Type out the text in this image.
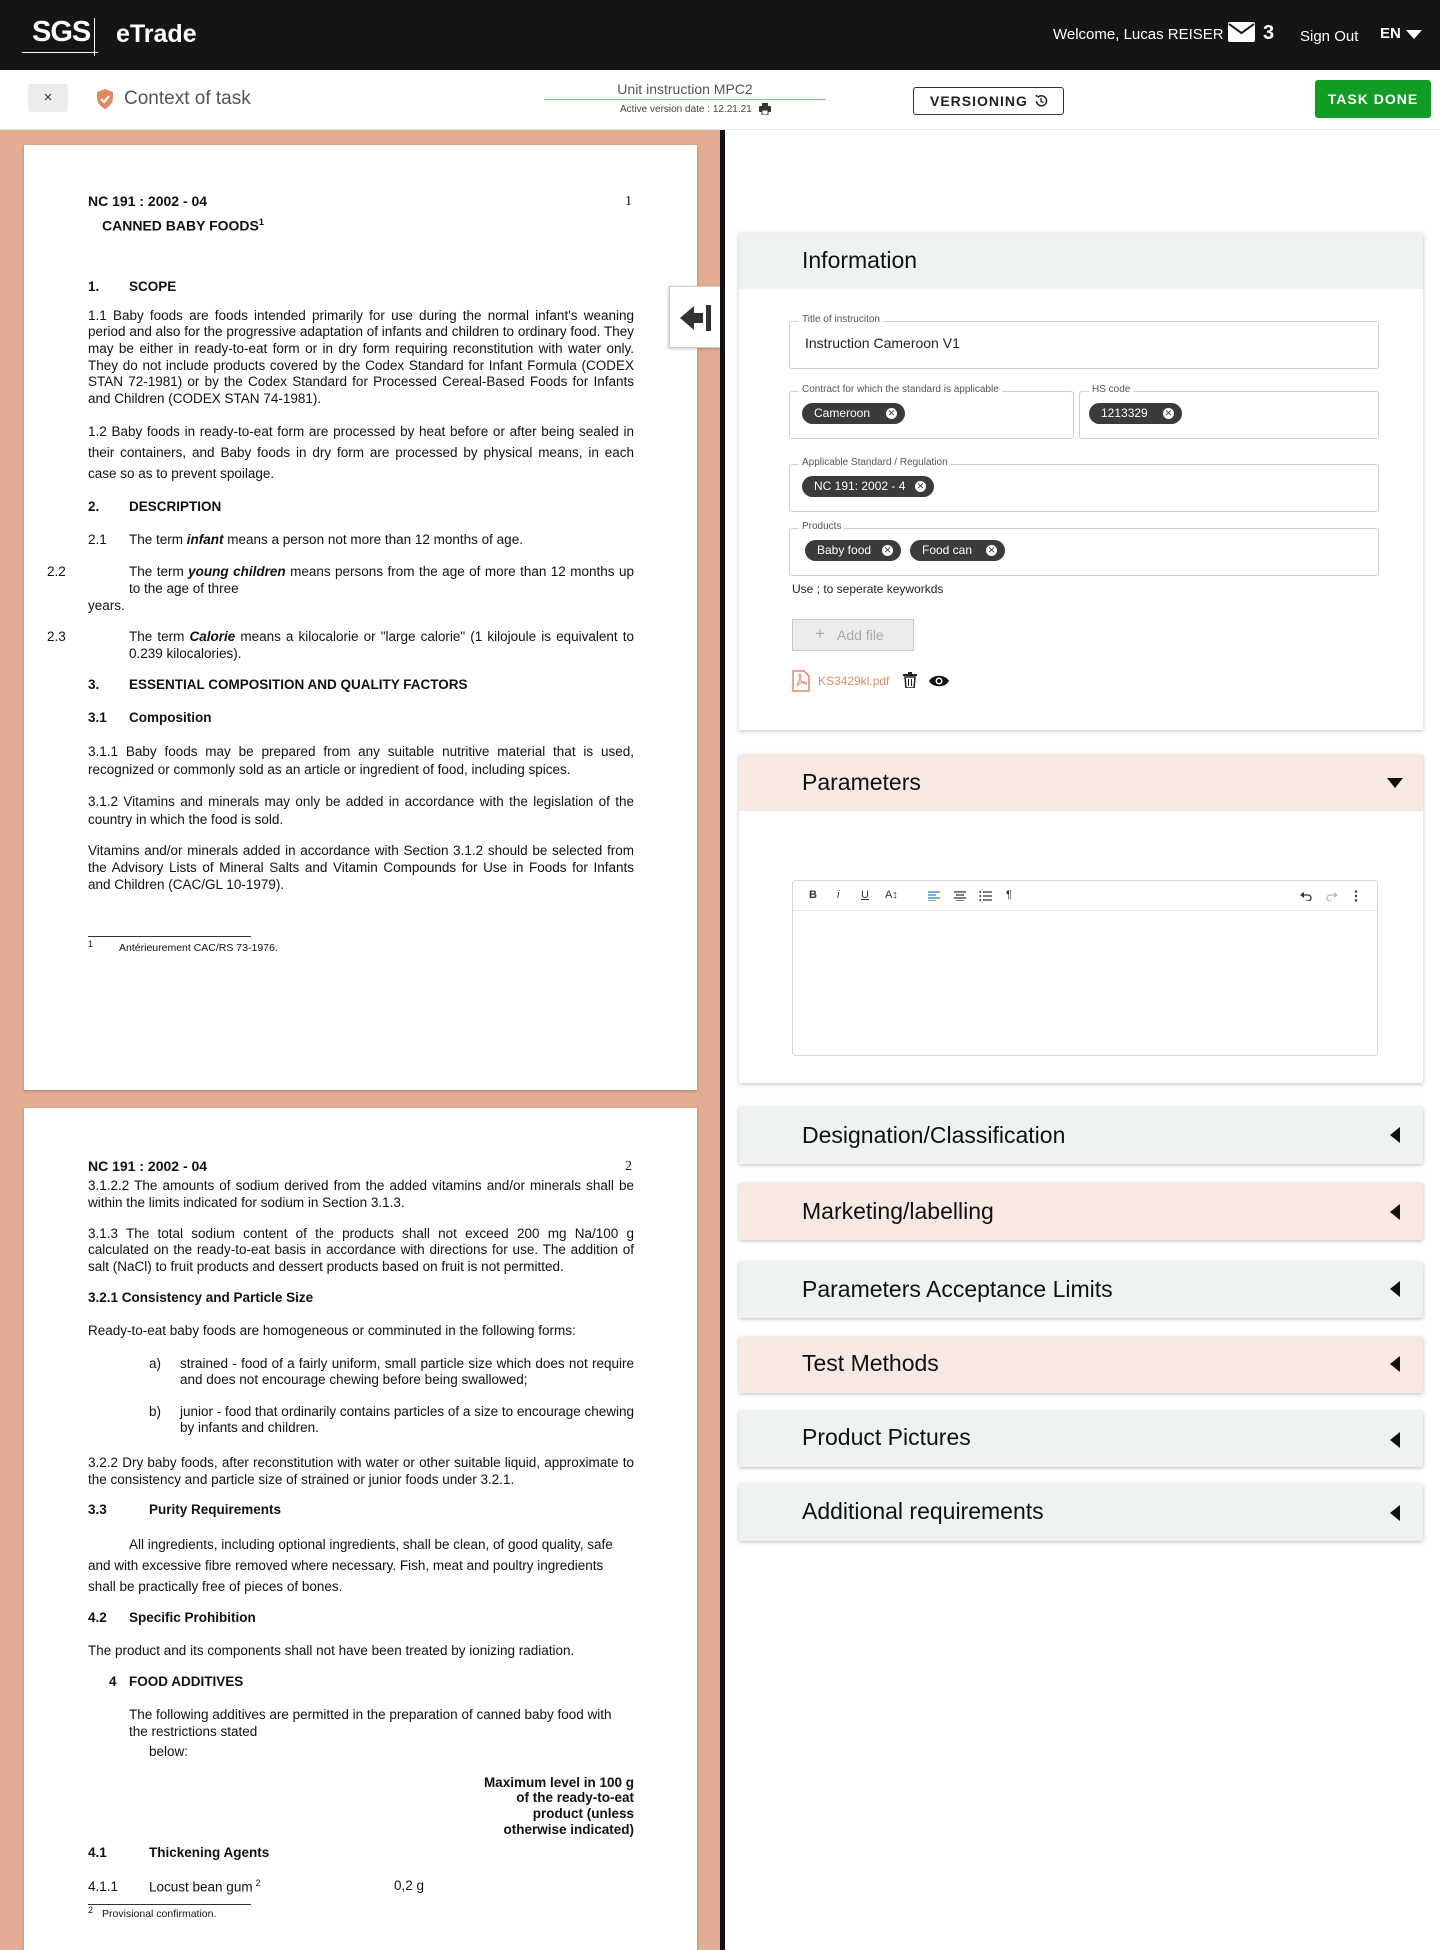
SGS eTrade	Welcome, Lucas REISER 3 Sign Out EN
×	Context of task	Unit instruction MPC2
Active version date : 12.21.21
VERSIONING	TASK DONE
1
NC 191 : 2002 - 04
CANNED BABY FOODS$^1$
1. SCOPE
1.1 Baby foods are foods intended primarily for use during the normal infant's weaning period and also for the progressive adaptation of infants and children to ordinary food. They may be either in ready-to-eat form or in dry form requiring reconstitution with water only. They do not include products covered by the Codex Standard for Infant Formula (CODEX STAN 72-1981) or by the Codex Standard for Processed Cereal-Based Foods for Infants and Children (CODEX STAN 74-1981).
1.2 Baby foods in ready-to-eat form are processed by heat before or after being sealed in their containers, and Baby foods in dry form are processed by physical means, in each case so as to prevent spoilage.
2. DESCRIPTION
2.1 The term infant means a person not more than 12 months of age.
2.2	The term young children means persons from the age of more than 12 months up to the age of three
years.
2.3	The term Calorie means a kilocalorie or "large calorie" (1 kilojoule is equivalent to 0.239 kilocalories).
3. ESSENTIAL COMPOSITION AND QUALITY FACTORS
3.1 Composition
3.1.1 Baby foods may be prepared from any suitable nutritive material that is used, recognized or commonly sold as an article or ingredient of food, including spices.
3.1.2 Vitamins and minerals may only be added in accordance with the legislation of the country in which the food is sold.
Vitamins and/or minerals added in accordance with Section 3.1.2 should be selected from the Advisory Lists of Mineral Salts and Vitamin Compounds for Use in Foods for Infants and Children (CAC/GL 10-1979).
1 Antérieurement CAC/RS 73-1976.
2
NC 191 : 2002 - 04
3.1.2.2 The amounts of sodium derived from the added vitamins and/or minerals shall be within the limits indicated for sodium in Section 3.1.3.
3.1.3 The total sodium content of the products shall not exceed 200 mg Na/100 g calculated on the ready-to-eat basis in accordance with directions for use. The addition of salt (NaCl) to fruit products and dessert products based on fruit is not permitted.
3.2.1 Consistency and Particle Size
Ready-to-eat baby foods are homogeneous or comminuted in the following forms:
a) strained - food of a fairly uniform, small particle size which does not require and does not encourage chewing before being swallowed;
b) junior - food that ordinarily contains particles of a size to encourage chewing by infants and children.
3.2.2 Dry baby foods, after reconstitution with water or other suitable liquid, approximate to the consistency and particle size of strained or junior foods under 3.2.1.
3.3	Purity Requirements
All ingredients, including optional ingredients, shall be clean, of good quality, safe and with excessive fibre removed where necessary. Fish, meat and poultry ingredients shall be practically free of pieces of bones.
4.2 Specific Prohibition
The product and its components shall not have been treated by ionizing radiation.
4 FOOD ADDITIVES
The following additives are permitted in the preparation of canned baby food with the restrictions stated
below:
Maximum level in 100 g of the ready-to-eat product (unless otherwise indicated)
4.1	Thickening Agents
4.1.1 Locust bean gum $^2$	0,2 g
2 Provisional confirmation.
Information
Title of instruciton
Instruction Cameroon V1
Contract for which the standard is applicable
Cameroon ✕
HS code
1213329 ✕
Applicable Standard / Regulation
NC 191: 2002 - 4 ✕
Products
Baby food ✕	Food can ✕
Use ; to seperate keyworkds
+ Add file
KS3429kl.pdf
Parameters
B i U A↕	¶
Designation/Classification
Marketing/labelling
Parameters Acceptance Limits
Test Methods
Product Pictures
Additional requirements
